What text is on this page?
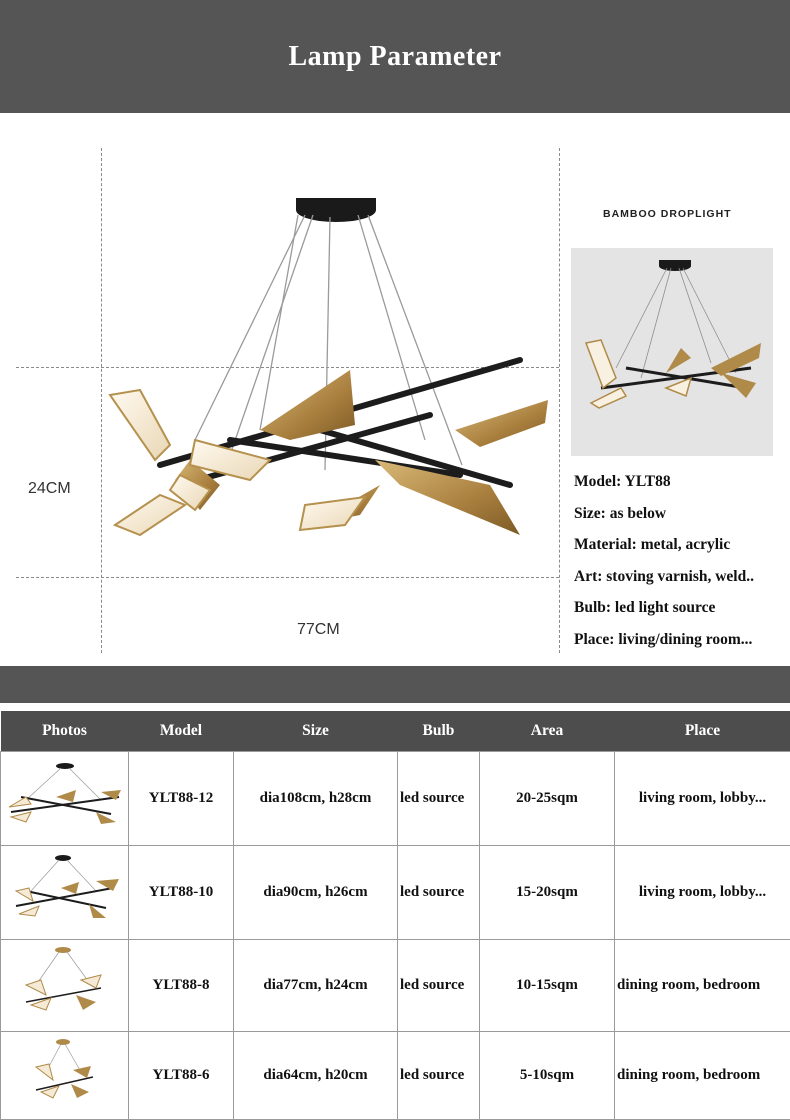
Lamp Parameter
24CM
77CM
BAMBOO DROPLIGHT
Model: YLT88
Size: as below
Material: metal, acrylic
Art: stoving varnish, weld..
Bulb: led light source
Place: living/dining room...
Photos	Model	Size	Bulb	Area	Place
	YLT88-12	dia108cm, h28cm	led source	20-25sqm	living room, lobby...
	YLT88-10	dia90cm, h26cm	led source	15-20sqm	living room, lobby...
	YLT88-8	dia77cm, h24cm	led source	10-15sqm	dining room, bedroom
	YLT88-6	dia64cm, h20cm	led source	5-10sqm	dining room, bedroom
